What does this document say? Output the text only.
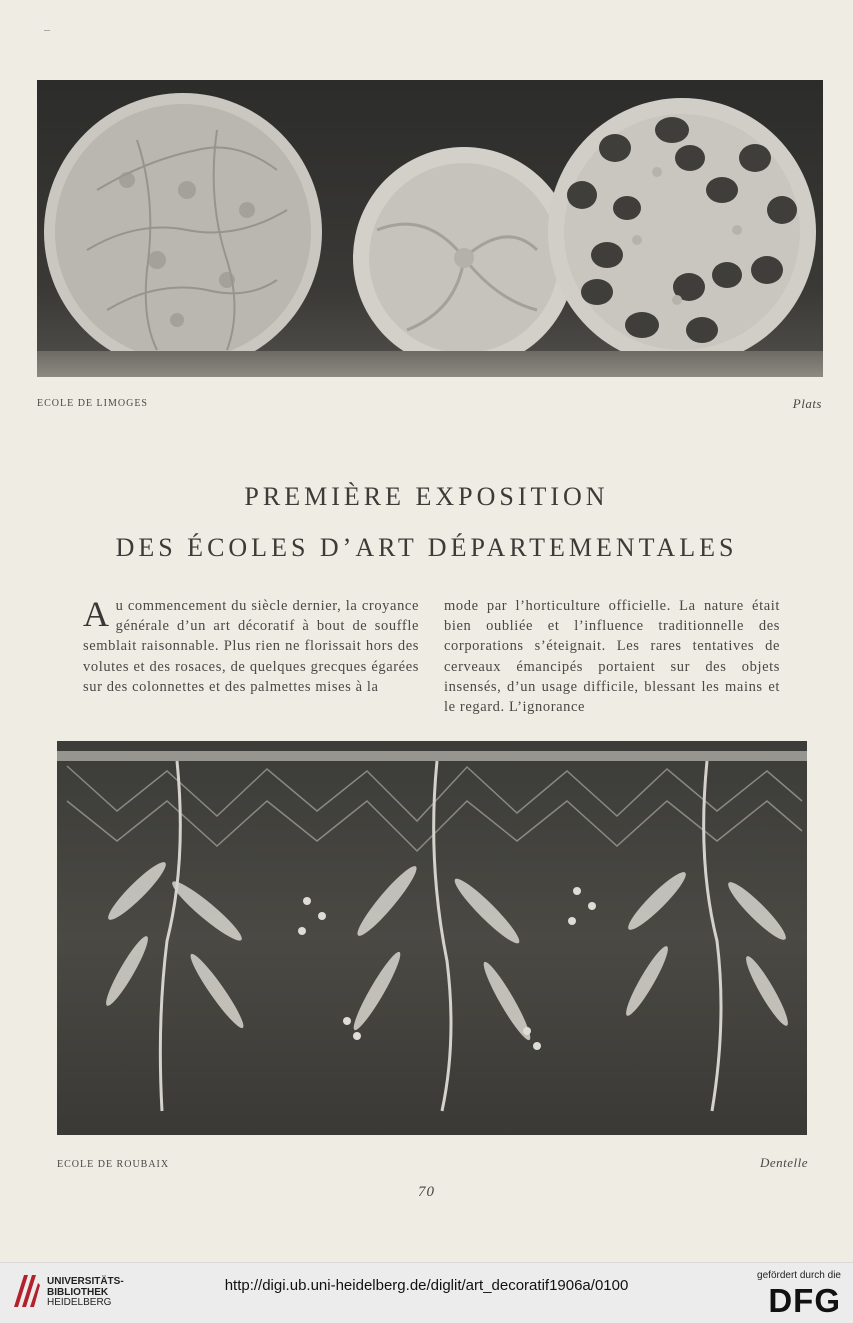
ECOLE DE LIMOGES	Plats
PREMIÈRE EXPOSITION
DES ÉCOLES D’ART DÉPARTEMENTALES
A u commencement du siècle dernier, la croyance générale d’un art décoratif à bout de souffle semblait raisonnable. Plus rien ne florissait hors des volutes et des rosaces, de quelques grecques égarées sur des colonnettes et des palmettes mises à la

mode par l’horticulture officielle. La nature était bien oubliée et l’influence traditionnelle des corporations s’éteignait. Les rares tentatives de cerveaux émancipés portaient sur des objets insensés, d’un usage difficile, blessant les mains et le regard. L’ignorance

ECOLE DE ROUBAIX	Dentelle
70
UNIVERSITÄTS-
BIBLIOTHEK
HEIDELBERG
http://digi.ub.uni-heidelberg.de/diglit/art_decoratif1906a/0100
gefördert durch die
DFG
